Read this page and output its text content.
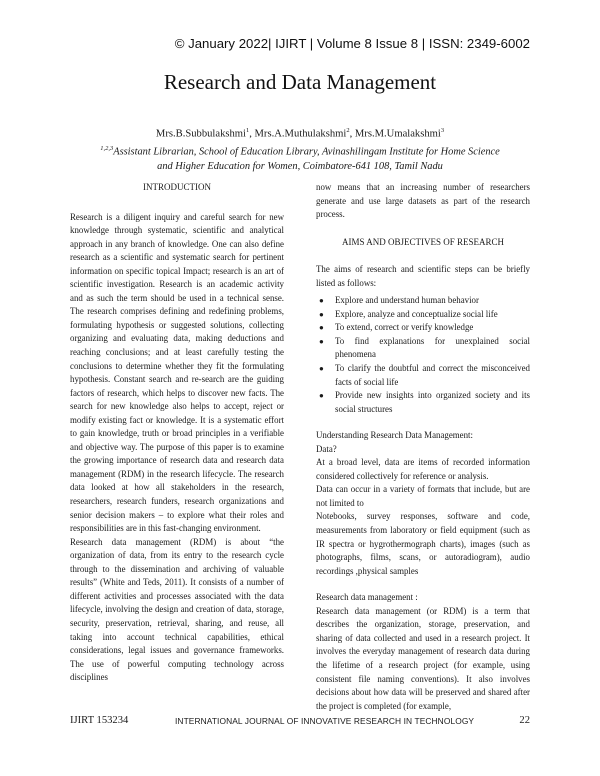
© January 2022| IJIRT | Volume 8 Issue 8 | ISSN: 2349-6002
Research and Data Management
Mrs.B.Subbulakshmi$^1$, Mrs.A.Muthulakshmi$^2$, Mrs.M.Umalakshmi$^3$
$^{1,2,3}$Assistant Librarian, School of Education Library, Avinashilingam Institute for Home Science and Higher Education for Women, Coimbatore-641 108, Tamil Nadu
INTRODUCTION

Research is a diligent inquiry and careful search for new knowledge through systematic, scientific and analytical approach in any branch of knowledge. One can also define research as a scientific and systematic search for pertinent information on specific topical Impact; research is an art of scientific investigation. Research is an academic activity and as such the term should be used in a technical sense. The research comprises defining and redefining problems, formulating hypothesis or suggested solutions, collecting organizing and evaluating data, making deductions and reaching conclusions; and at least carefully testing the conclusions to determine whether they fit the formulating hypothesis. Constant search and re-search are the guiding factors of research, which helps to discover new facts. The search for new knowledge also helps to accept, reject or modify existing fact or knowledge. It is a systematic effort to gain knowledge, truth or broad principles in a verifiable and objective way. The purpose of this paper is to examine the growing importance of research data and research data management (RDM) in the research lifecycle. The research data looked at how all stakeholders in the research, researchers, research funders, research organizations and senior decision makers – to explore what their roles and responsibilities are in this fast-changing environment.

Research data management (RDM) is about “the organization of data, from its entry to the research cycle through to the dissemination and archiving of valuable results” (White and Teds, 2011). It consists of a number of different activities and processes associated with the data lifecycle, involving the design and creation of data, storage, security, preservation, retrieval, sharing, and reuse, all taking into account technical capabilities, ethical considerations, legal issues and governance frameworks. The use of powerful computing technology across disciplines

now means that an increasing number of researchers generate and use large datasets as part of the research process.

AIMS AND OBJECTIVES OF RESEARCH

The aims of research and scientific steps can be briefly listed as follows:

● Explore and understand human behavior
● Explore, analyze and conceptualize social life
● To extend, correct or verify knowledge
● To find explanations for unexplained social phenomena
● To clarify the doubtful and correct the misconceived facts of social life
● Provide new insights into organized society and its social structures

Understanding Research Data Management:

Data?

At a broad level, data are items of recorded information considered collectively for reference or analysis.

Data can occur in a variety of formats that include, but are not limited to

Notebooks, survey responses, software and code, measurements from laboratory or field equipment (such as IR spectra or hygrothermograph charts), images (such as photographs, films, scans, or autoradiogram), audio recordings ,physical samples

Research data management :

Research data management (or RDM) is a term that describes the organization, storage, preservation, and sharing of data collected and used in a research project. It involves the everyday management of research data during the lifetime of a research project (for example, using consistent file naming conventions). It also involves decisions about how data will be preserved and shared after the project is completed (for example,

IJIRT 153234	INTERNATIONAL JOURNAL OF INNOVATIVE RESEARCH IN TECHNOLOGY	22
